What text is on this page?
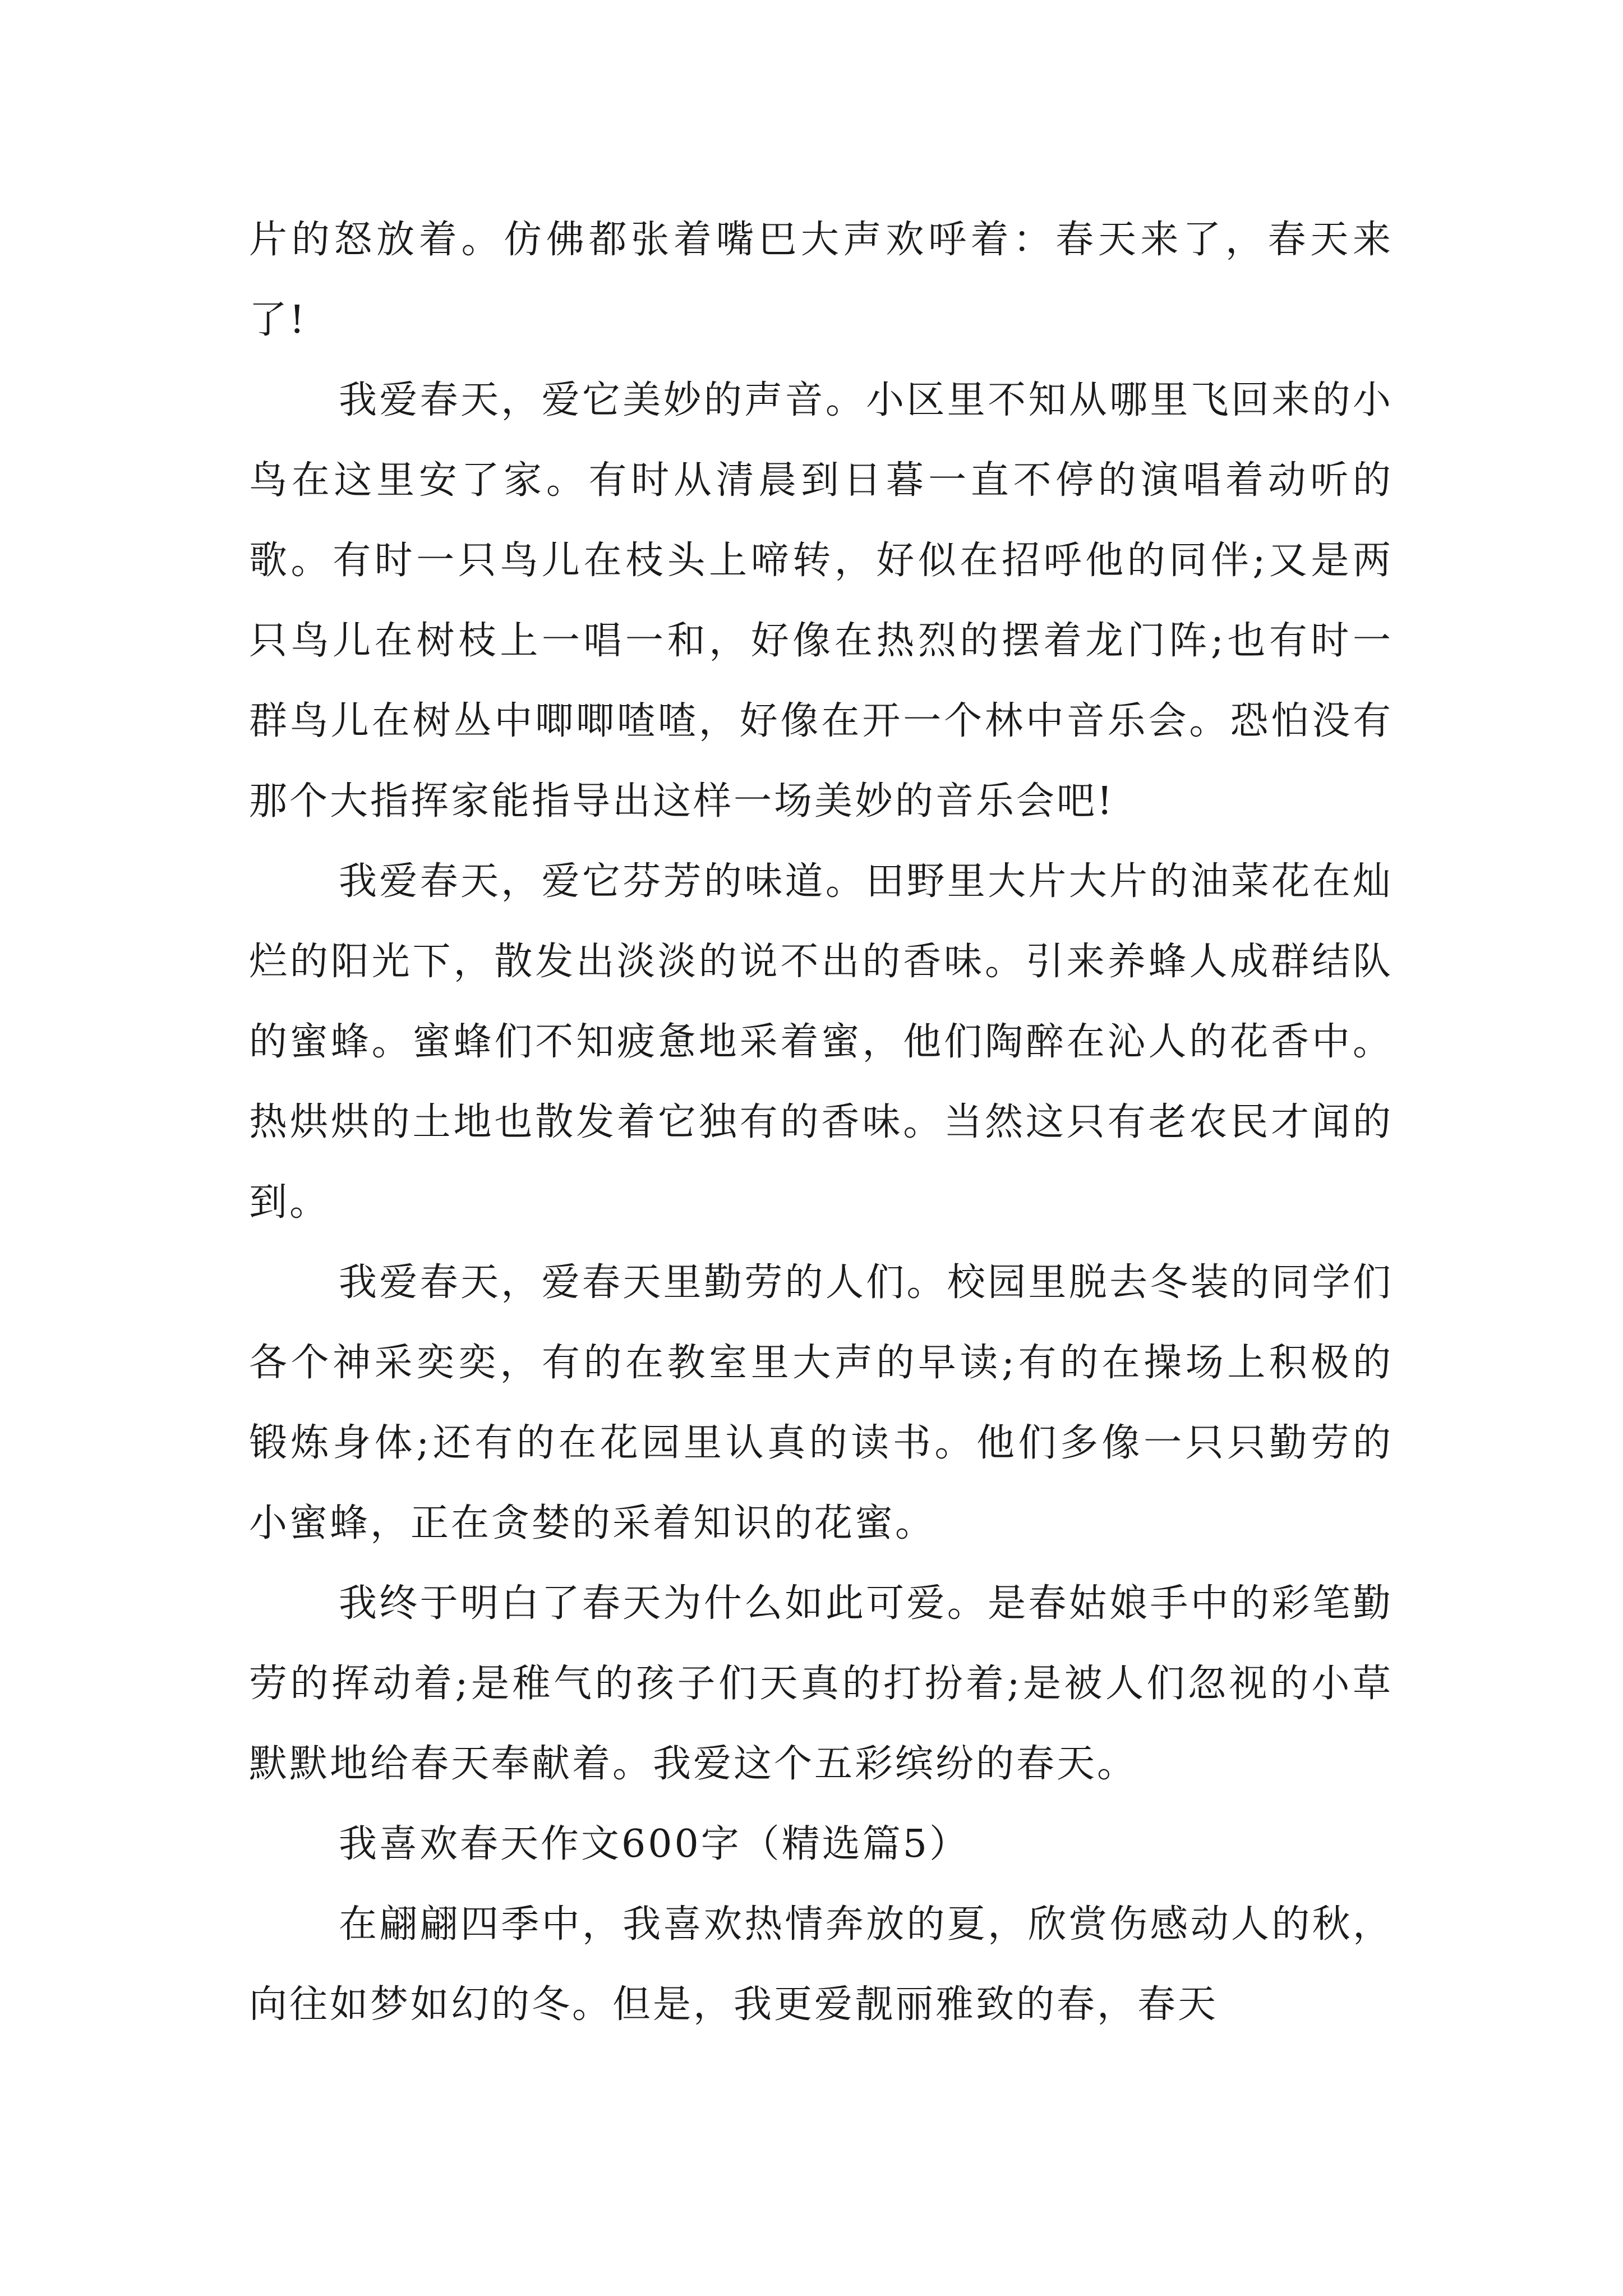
片的怒放着。仿佛都张着嘴巴大声欢呼着：春天来了，春天来了!

我爱春天，爱它美妙的声音。小区里不知从哪里飞回来的小鸟在这里安了家。有时从清晨到日暮一直不停的演唱着动听的歌。有时一只鸟儿在枝头上啼转，好似在招呼他的同伴;又是两只鸟儿在树枝上一唱一和，好像在热烈的摆着龙门阵;也有时一群鸟儿在树丛中唧唧喳喳，好像在开一个林中音乐会。恐怕没有那个大指挥家能指导出这样一场美妙的音乐会吧!

我爱春天，爱它芬芳的味道。田野里大片大片的油菜花在灿烂的阳光下，散发出淡淡的说不出的香味。引来养蜂人成群结队的蜜蜂。蜜蜂们不知疲惫地采着蜜，他们陶醉在沁人的花香中。热烘烘的土地也散发着它独有的香味。当然这只有老农民才闻的到。

我爱春天，爱春天里勤劳的人们。校园里脱去冬装的同学们各个神采奕奕，有的在教室里大声的早读;有的在操场上积极的锻炼身体;还有的在花园里认真的读书。他们多像一只只勤劳的小蜜蜂，正在贪婪的采着知识的花蜜。

我终于明白了春天为什么如此可爱。是春姑娘手中的彩笔勤劳的挥动着;是稚气的孩子们天真的打扮着;是被人们忽视的小草默默地给春天奉献着。我爱这个五彩缤纷的春天。

我喜欢春天作文600字（精选篇5）

在翩翩四季中，我喜欢热情奔放的夏，欣赏伤感动人的秋，向往如梦如幻的冬。但是，我更爱靓丽雅致的春，春天
